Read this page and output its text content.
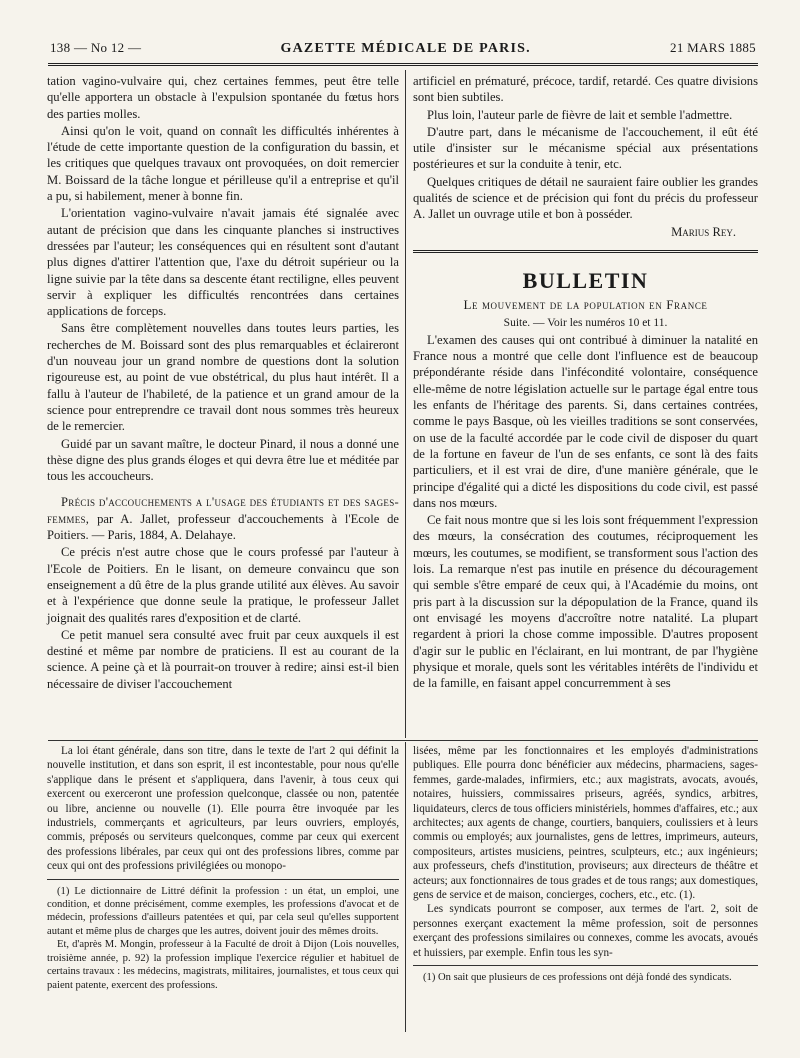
138 — No 12 —	GAZETTE MÉDICALE DE PARIS.	21 MARS 1885

tation vagino-vulvaire qui, chez certaines femmes, peut être telle qu'elle apportera un obstacle à l'expulsion spontanée du fœtus hors des parties molles.

Ainsi qu'on le voit, quand on connaît les difficultés inhérentes à l'étude de cette importante question de la configuration du bassin, et les critiques que quelques travaux ont provoquées, on doit remercier M. Boissard de la tâche longue et périlleuse qu'il a entreprise et qu'il a pu, si habilement, mener à bonne fin.

L'orientation vagino-vulvaire n'avait jamais été signalée avec autant de précision que dans les cinquante planches si instructives dressées par l'auteur; les conséquences qui en résultent sont d'autant plus dignes d'attirer l'attention que, l'axe du détroit supérieur ou la ligne suivie par la tête dans sa descente étant rectiligne, elles peuvent servir à expliquer les difficultés rencontrées dans certaines applications de forceps.

Sans être complètement nouvelles dans toutes leurs parties, les recherches de M. Boissard sont des plus remarquables et éclaireront d'un nouveau jour un grand nombre de questions dont la solution rigoureuse est, au point de vue obstétrical, du plus haut intérêt. Il a fallu à l'auteur de l'habileté, de la patience et un grand amour de la science pour entreprendre ce travail dont nous sommes très heureux de le remercier.

Guidé par un savant maître, le docteur Pinard, il nous a donné une thèse digne des plus grands éloges et qui devra être lue et méditée par tous les accoucheurs.

Précis d'accouchements a l'usage des étudiants et des sages-femmes, par A. Jallet, professeur d'accouchements à l'Ecole de Poitiers. — Paris, 1884, A. Delahaye.

Ce précis n'est autre chose que le cours professé par l'auteur à l'Ecole de Poitiers. En le lisant, on demeure convaincu que son enseignement a dû être de la plus grande utilité aux élèves. Au savoir et à l'expérience que donne seule la pratique, le professeur Jallet joignait des qualités rares d'exposition et de clarté.

Ce petit manuel sera consulté avec fruit par ceux auxquels il est destiné et même par nombre de praticiens. Il est au courant de la science. A peine çà et là pourrait-on trouver à redire; ainsi est-il bien nécessaire de diviser l'accouchement

artificiel en prématuré, précoce, tardif, retardé. Ces quatre divisions sont bien subtiles.

Plus loin, l'auteur parle de fièvre de lait et semble l'admettre.

D'autre part, dans le mécanisme de l'accouchement, il eût été utile d'insister sur le mécanisme spécial aux présentations postérieures et sur la conduite à tenir, etc.

Quelques critiques de détail ne sauraient faire oublier les grandes qualités de science et de précision qui font du précis du professeur A. Jallet un ouvrage utile et bon à posséder.

Marius Rey.

BULLETIN

Le mouvement de la population en France

Suite. — Voir les numéros 10 et 11.

L'examen des causes qui ont contribué à diminuer la natalité en France nous a montré que celle dont l'influence est de beaucoup prépondérante réside dans l'infécondité volontaire, conséquence elle-même de notre législation actuelle sur le partage égal entre tous les enfants de l'héritage des parents. Si, dans certaines contrées, comme le pays Basque, où les vieilles traditions se sont conservées, on use de la faculté accordée par le code civil de disposer du quart de la fortune en faveur de l'un de ses enfants, ce sont là des faits particuliers, et il est vrai de dire, d'une manière générale, que le principe d'égalité qui a dicté les dispositions du code civil, est passé dans nos mœurs.

Ce fait nous montre que si les lois sont fréquemment l'expression des mœurs, la consécration des coutumes, réciproquement les mœurs, les coutumes, se modifient, se transforment sous l'action des lois. La remarque n'est pas inutile en présence du découragement qui semble s'être emparé de ceux qui, à l'Académie du moins, ont pris part à la discussion sur la dépopulation de la France, quand ils ont envisagé les moyens d'accroître notre natalité. La plupart regardent à priori la chose comme impossible. D'autres proposent d'agir sur le public en l'éclairant, en lui montrant, de par l'hygiène physique et morale, quels sont les véritables intérêts de l'individu et de la famille, en faisant appel concurremment à ses

La loi étant générale, dans son titre, dans le texte de l'art 2 qui définit la nouvelle institution, et dans son esprit, il est incontestable, pour nous qu'elle s'applique dans le présent et s'appliquera, dans l'avenir, à tous ceux qui exercent ou exerceront une profession quelconque, classée ou non, patentée ou libre, ancienne ou nouvelle (1). Elle pourra être invoquée par les industriels, commerçants et agriculteurs, par leurs ouvriers, employés, commis, préposés ou serviteurs quelconques, comme par ceux qui exercent des professions libérales, par ceux qui ont des professions libres, comme par ceux qui ont des professions privilégiées ou monopo-

(1) Le dictionnaire de Littré définit la profession : un état, un emploi, une condition, et donne précisément, comme exemples, les professions d'avocat et de médecin, professions d'ailleurs patentées et qui, par cela seul qu'elles supportent autant et même plus de charges que les autres, doivent jouir des mêmes droits.

Et, d'après M. Mongin, professeur à la Faculté de droit à Dijon (Lois nouvelles, troisième année, p. 92) la profession implique l'exercice régulier et habituel de certains travaux : les médecins, magistrats, militaires, journalistes, et tous ceux qui paient patente, exercent des professions.

lisées, même par les fonctionnaires et les employés d'administrations publiques. Elle pourra donc bénéficier aux médecins, pharmaciens, sages-femmes, garde-malades, infirmiers, etc.; aux magistrats, avocats, avoués, notaires, huissiers, commissaires priseurs, agréés, syndics, arbitres, liquidateurs, clercs de tous officiers ministériels, hommes d'affaires, etc.; aux architectes; aux agents de change, courtiers, banquiers, coulissiers et à leurs commis ou employés; aux journalistes, gens de lettres, imprimeurs, auteurs, compositeurs, artistes musiciens, peintres, sculpteurs, etc.; aux ingénieurs; aux professeurs, chefs d'institution, proviseurs; aux directeurs de théâtre et acteurs; aux fonctionnaires de tous grades et de tous rangs; aux domestiques, gens de service et de maison, concierges, cochers, etc., etc. (1).

Les syndicats pourront se composer, aux termes de l'art. 2, soit de personnes exerçant exactement la même profession, soit de personnes exerçant des professions similaires ou connexes, comme les avocats, avoués et huissiers, par exemple. Enfin tous les syn-

(1) On sait que plusieurs de ces professions ont déjà fondé des syndicats.
